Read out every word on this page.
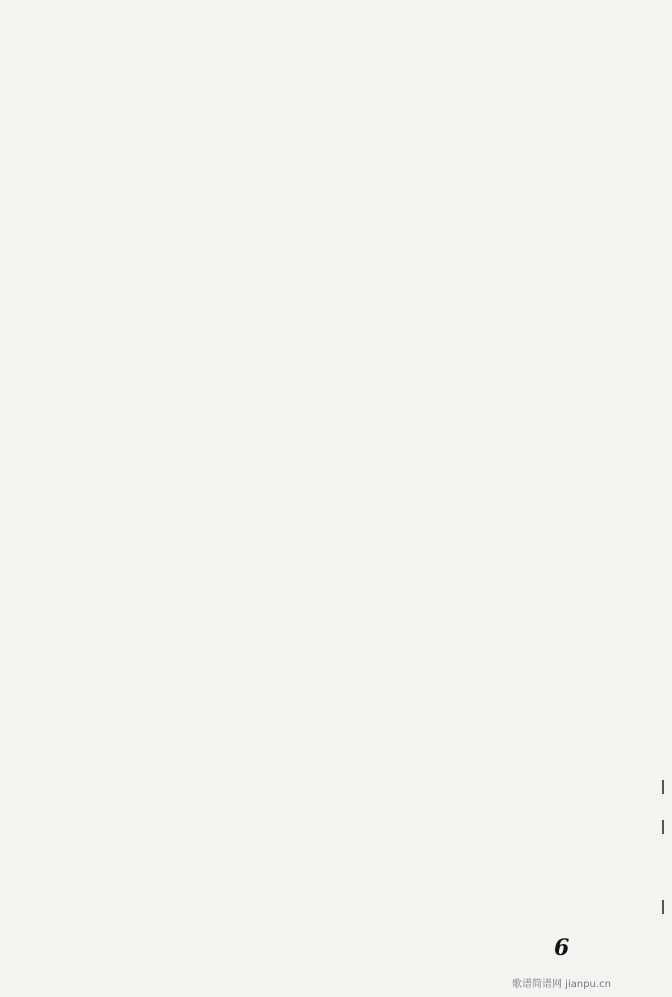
6
歌谱简谱网 jianpu.cn
